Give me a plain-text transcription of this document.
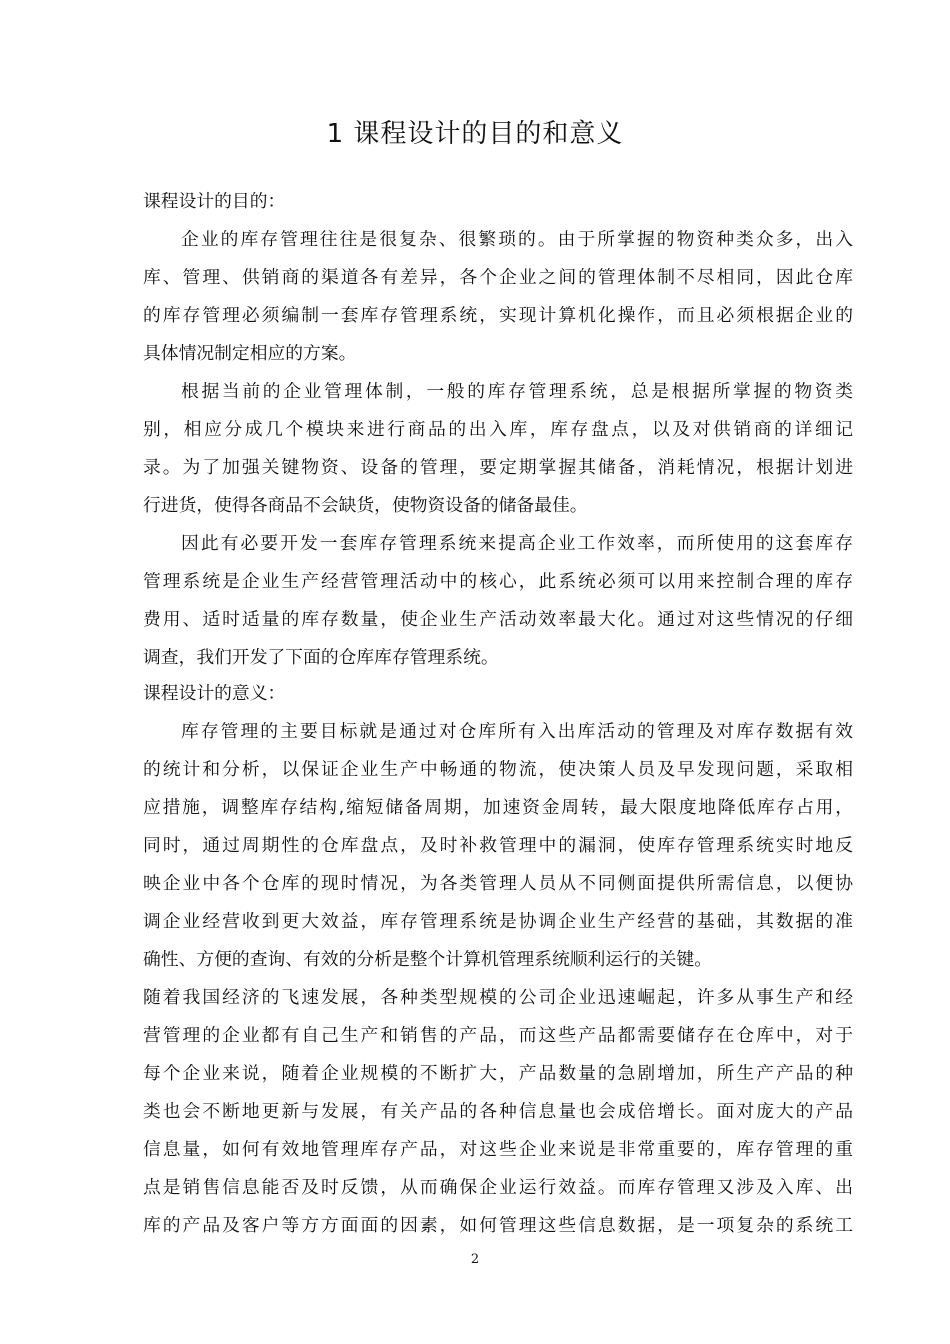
1 课程设计的目的和意义

课程设计的目的：

企业的库存管理往往是很复杂、很繁琐的。由于所掌握的物资种类众多，出入

库、管理、供销商的渠道各有差异，各个企业之间的管理体制不尽相同，因此仓库

的库存管理必须编制一套库存管理系统，实现计算机化操作，而且必须根据企业的

具体情况制定相应的方案。

根据当前的企业管理体制，一般的库存管理系统，总是根据所掌握的物资类

别，相应分成几个模块来进行商品的出入库，库存盘点，以及对供销商的详细记

录。为了加强关键物资、设备的管理，要定期掌握其储备，消耗情况，根据计划进

行进货，使得各商品不会缺货，使物资设备的储备最佳。

因此有必要开发一套库存管理系统来提高企业工作效率，而所使用的这套库存

管理系统是企业生产经营管理活动中的核心，此系统必须可以用来控制合理的库存

费用、适时适量的库存数量，使企业生产活动效率最大化。通过对这些情况的仔细

调查，我们开发了下面的仓库库存管理系统。

课程设计的意义：

库存管理的主要目标就是通过对仓库所有入出库活动的管理及对库存数据有效

的统计和分析，以保证企业生产中畅通的物流，使决策人员及早发现问题，采取相

应措施，调整库存结构,缩短储备周期，加速资金周转，最大限度地降低库存占用，

同时，通过周期性的仓库盘点，及时补救管理中的漏洞，使库存管理系统实时地反

映企业中各个仓库的现时情况，为各类管理人员从不同侧面提供所需信息，以便协

调企业经营收到更大效益，库存管理系统是协调企业生产经营的基础，其数据的准

确性、方便的查询、有效的分析是整个计算机管理系统顺利运行的关键。

随着我国经济的飞速发展，各种类型规模的公司企业迅速崛起，许多从事生产和经

营管理的企业都有自己生产和销售的产品，而这些产品都需要储存在仓库中，对于

每个企业来说，随着企业规模的不断扩大，产品数量的急剧增加，所生产产品的种

类也会不断地更新与发展，有关产品的各种信息量也会成倍增长。面对庞大的产品

信息量，如何有效地管理库存产品，对这些企业来说是非常重要的，库存管理的重

点是销售信息能否及时反馈，从而确保企业运行效益。而库存管理又涉及入库、出

库的产品及客户等方方面面的因素，如何管理这些信息数据，是一项复杂的系统工

2
